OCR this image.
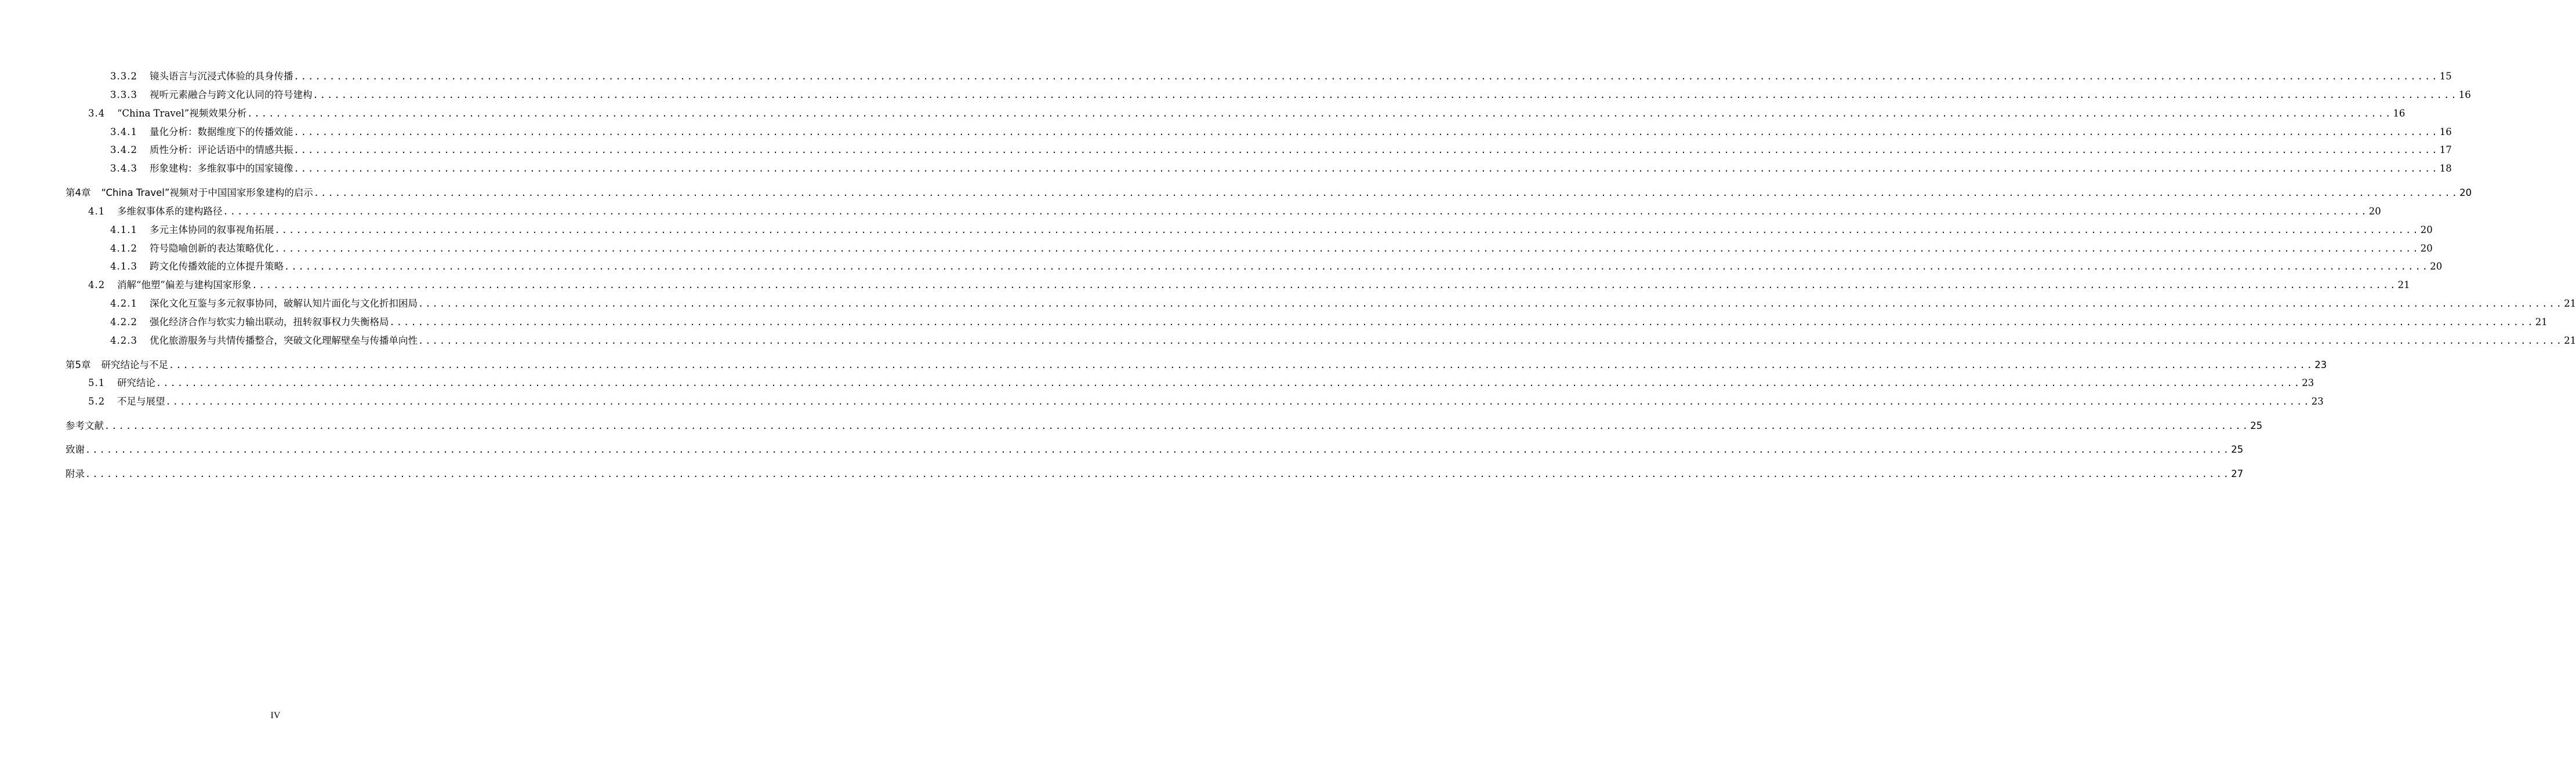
3.3.2	镜头语言与沉浸式体验的具身传播 ............................................................................................................................................................................................................................................................................................................ 15
3.3.3	视听元素融合与跨文化认同的符号建构 ............................................................................................................................................................................................................................................................................................................ 16
3.4	“China Travel”视频效果分析 ............................................................................................................................................................................................................................................................................................................ 16
3.4.1	量化分析：数据维度下的传播效能 ............................................................................................................................................................................................................................................................................................................ 16
3.4.2	质性分析：评论话语中的情感共振 ............................................................................................................................................................................................................................................................................................................ 17
3.4.3	形象建构：多维叙事中的国家镜像 ............................................................................................................................................................................................................................................................................................................ 18
第4章 “China Travel”视频对于中国国家形象建构的启示 ............................................................................................................................................................................................................................................................................................................ 20
4.1	多维叙事体系的建构路径 ............................................................................................................................................................................................................................................................................................................ 20
4.1.1	多元主体协同的叙事视角拓展 ............................................................................................................................................................................................................................................................................................................ 20
4.1.2	符号隐喻创新的表达策略优化 ............................................................................................................................................................................................................................................................................................................ 20
4.1.3	跨文化传播效能的立体提升策略 ............................................................................................................................................................................................................................................................................................................ 20
4.2	消解“他塑”偏差与建构国家形象 ............................................................................................................................................................................................................................................................................................................ 21
4.2.1	深化文化互鉴与多元叙事协同，破解认知片面化与文化折扣困局 ............................................................................................................................................................................................................................................................................................................ 21
4.2.2	强化经济合作与软实力输出联动，扭转叙事权力失衡格局 ............................................................................................................................................................................................................................................................................................................ 21
4.2.3	优化旅游服务与共情传播整合，突破文化理解壁垒与传播单向性 ............................................................................................................................................................................................................................................................................................................ 21
第5章 研究结论与不足 ............................................................................................................................................................................................................................................................................................................ 23
5.1	研究结论 ............................................................................................................................................................................................................................................................................................................ 23
5.2	不足与展望 ............................................................................................................................................................................................................................................................................................................ 23
参考文献 ............................................................................................................................................................................................................................................................................................................ 25
致谢 ............................................................................................................................................................................................................................................................................................................ 25
附录 ............................................................................................................................................................................................................................................................................................................ 27
IV
